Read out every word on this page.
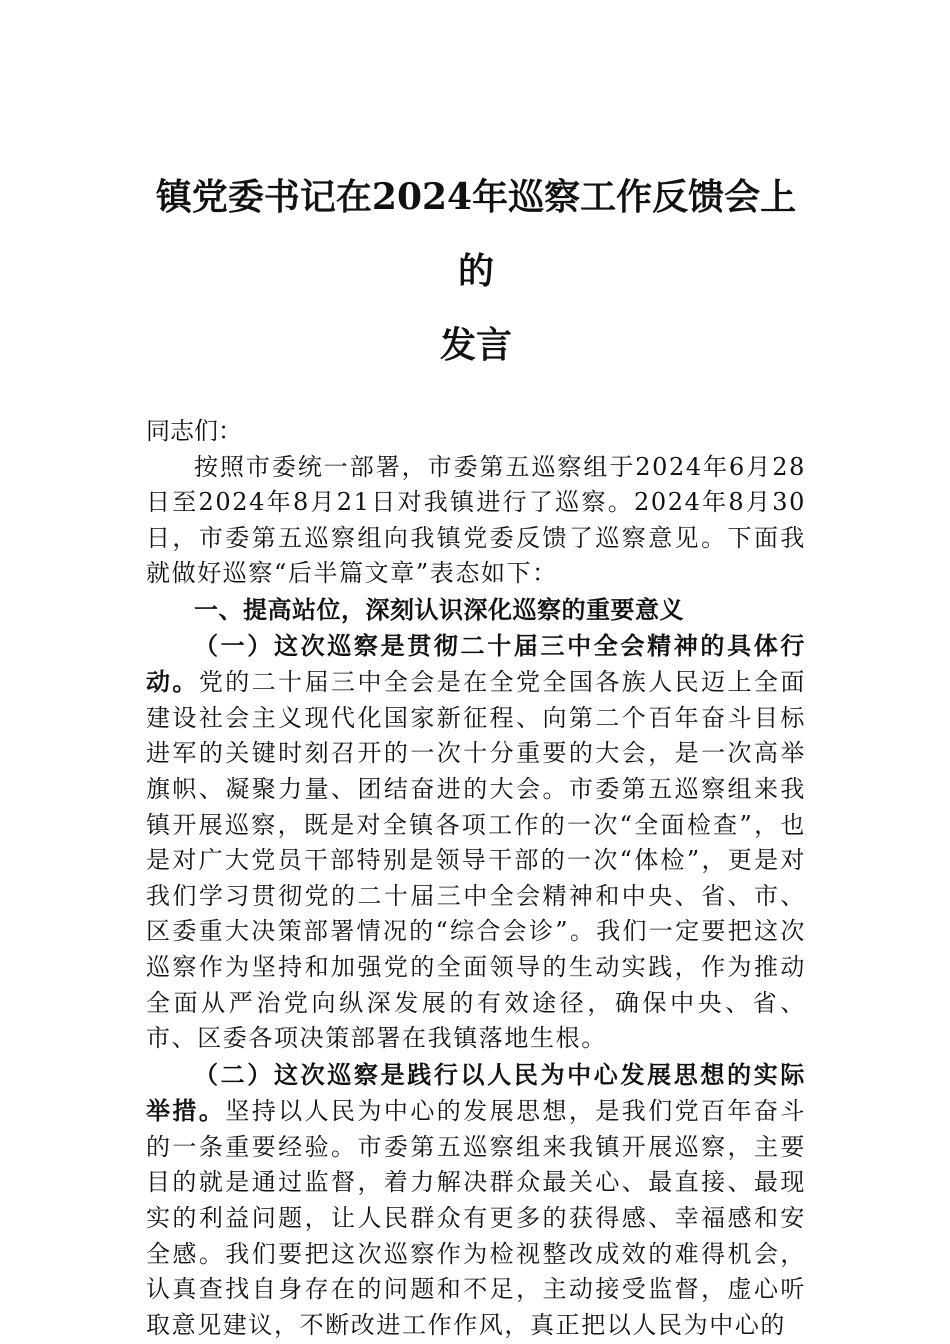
镇党委书记在2024年巡察工作反馈会上的
发言

同志们：

按照市委统一部署，市委第五巡察组于2024年6月28日至2024年8月21日对我镇进行了巡察。2024年8月30日，市委第五巡察组向我镇党委反馈了巡察意见。下面我就做好巡察“后半篇文章”表态如下：

一、提高站位，深刻认识深化巡察的重要意义

（一）这次巡察是贯彻二十届三中全会精神的具体行动。党的二十届三中全会是在全党全国各族人民迈上全面建设社会主义现代化国家新征程、向第二个百年奋斗目标进军的关键时刻召开的一次十分重要的大会，是一次高举旗帜、凝聚力量、团结奋进的大会。市委第五巡察组来我镇开展巡察，既是对全镇各项工作的一次“全面检查”，也是对广大党员干部特别是领导干部的一次“体检”，更是对我们学习贯彻党的二十届三中全会精神和中央、省、市、区委重大决策部署情况的“综合会诊”。我们一定要把这次巡察作为坚持和加强党的全面领导的生动实践，作为推动全面从严治党向纵深发展的有效途径，确保中央、省、市、区委各项决策部署在我镇落地生根。

（二）这次巡察是践行以人民为中心发展思想的实际举措。坚持以人民为中心的发展思想，是我们党百年奋斗的一条重要经验。市委第五巡察组来我镇开展巡察，主要目的就是通过监督，着力解决群众最关心、最直接、最现实的利益问题，让人民群众有更多的获得感、幸福感和安全感。我们要把这次巡察作为检视整改成效的难得机会，认真查找自身存在的问题和不足，主动接受监督，虚心听取意见建议，不断改进工作作风，真正把以人民为中心的
